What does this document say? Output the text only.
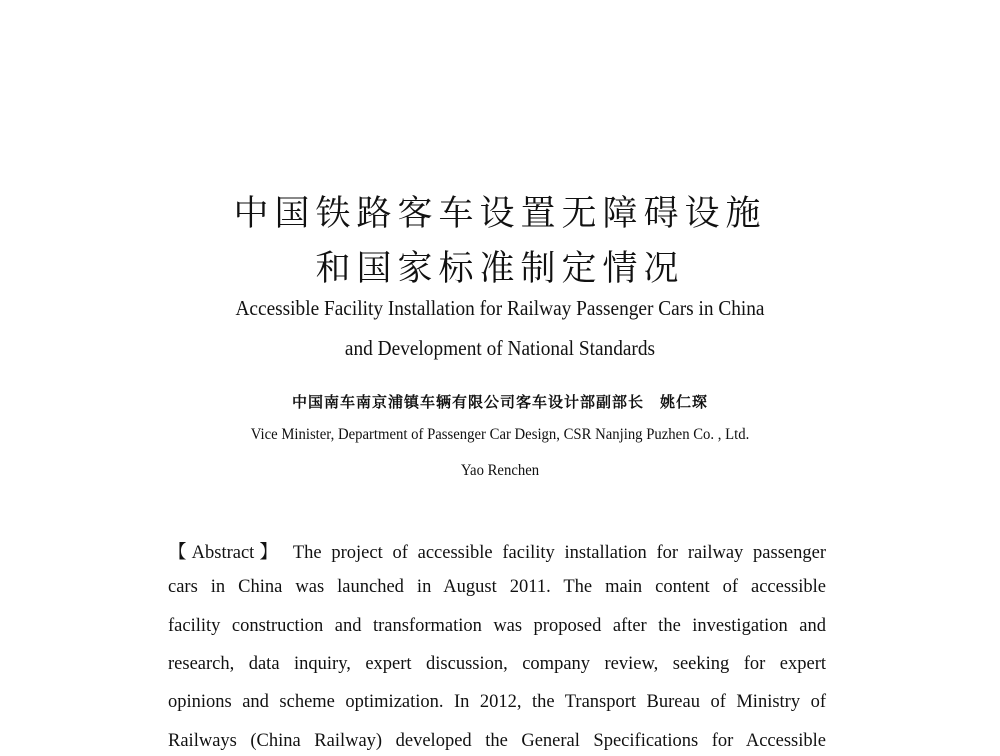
中国铁路客车设置无障碍设施
和国家标准制定情况
Accessible Facility Installation for Railway Passenger Cars in China
and Development of National Standards
中国南车南京浦镇车辆有限公司客车设计部副部长　姚仁琛
Vice Minister, Department of Passenger Car Design, CSR Nanjing Puzhen Co. , Ltd.
Yao Renchen
【Abstract】 The project of accessible facility installation for railway passenger
cars in China was launched in August 2011. The main content of accessible
facility construction and transformation was proposed after the investigation and
research, data inquiry, expert discussion, company review, seeking for expert
opinions and scheme optimization. In 2012, the Transport Bureau of Ministry of
Railways (China Railway) developed the General Specifications for Accessible
